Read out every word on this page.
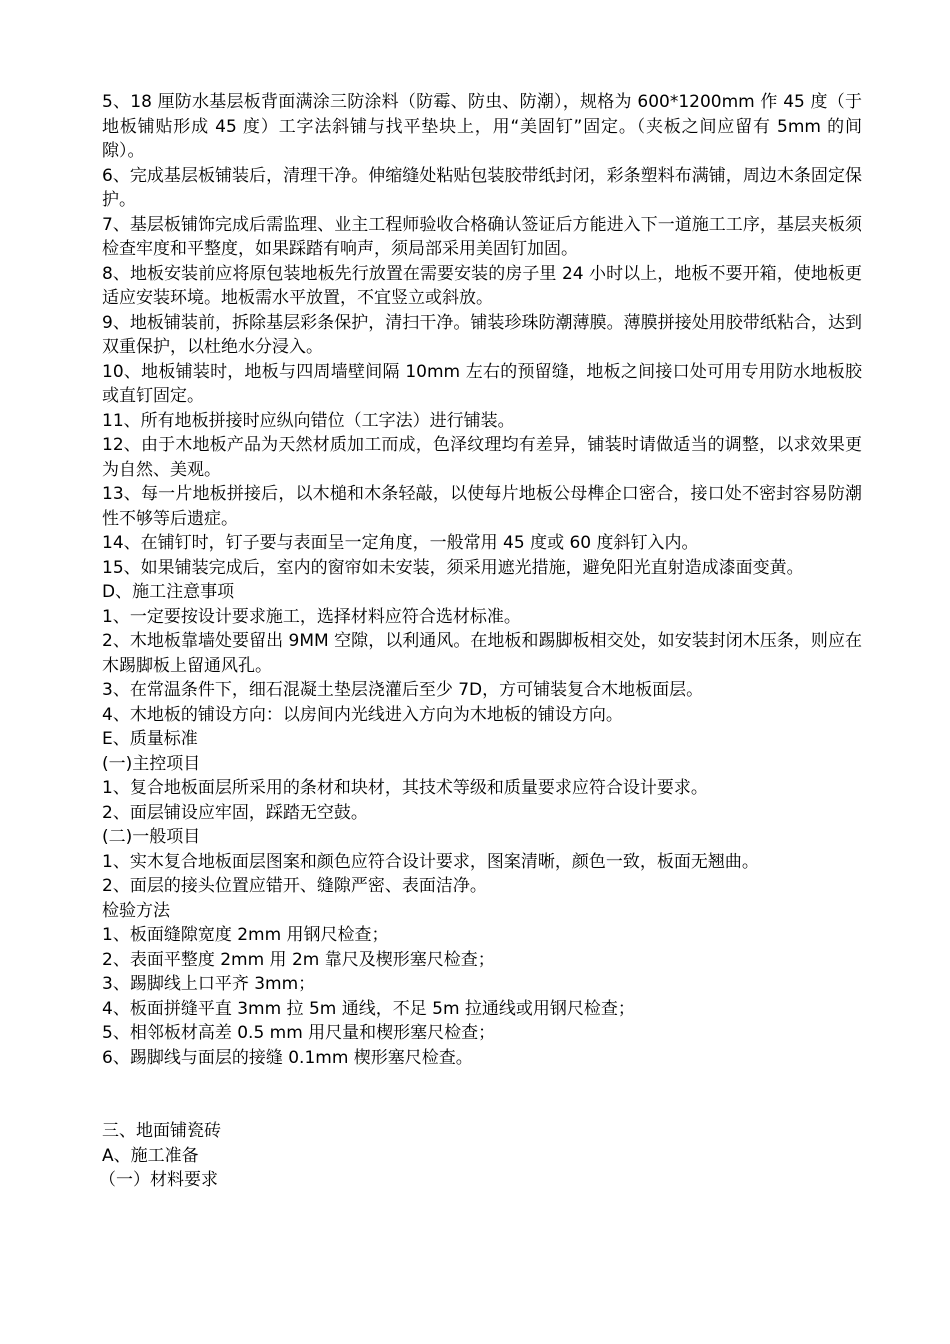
5、18 厘防水基层板背面满涂三防涂料（防霉、防虫、防潮），规格为 600*1200mm 作 45 度（于地板铺贴形成 45 度）工字法斜铺与找平垫块上，用“美固钉”固定。（夹板之间应留有 5mm 的间隙）。

6、完成基层板铺装后，清理干净。伸缩缝处粘贴包装胶带纸封闭，彩条塑料布满铺，周边木条固定保护。

7、基层板铺饰完成后需监理、业主工程师验收合格确认签证后方能进入下一道施工工序，基层夹板须检查牢度和平整度，如果踩踏有响声，须局部采用美固钉加固。

8、地板安装前应将原包装地板先行放置在需要安装的房子里 24 小时以上，地板不要开箱，使地板更适应安装环境。地板需水平放置，不宜竖立或斜放。

9、地板铺装前，拆除基层彩条保护，清扫干净。铺装珍珠防潮薄膜。薄膜拼接处用胶带纸粘合，达到双重保护，以杜绝水分浸入。

10、地板铺装时，地板与四周墙壁间隔 10mm 左右的预留缝，地板之间接口处可用专用防水地板胶或直钉固定。

11、所有地板拼接时应纵向错位（工字法）进行铺装。

12、由于木地板产品为天然材质加工而成，色泽纹理均有差异，铺装时请做适当的调整，以求效果更为自然、美观。

13、每一片地板拼接后，以木槌和木条轻敲，以使每片地板公母榫企口密合，接口处不密封容易防潮性不够等后遗症。

14、在铺钉时，钉子要与表面呈一定角度，一般常用 45 度或 60 度斜钉入内。

15、如果铺装完成后，室内的窗帘如未安装，须采用遮光措施，避免阳光直射造成漆面变黄。

D、施工注意事项

1、一定要按设计要求施工，选择材料应符合选材标准。

2、木地板靠墙处要留出 9MM 空隙，以利通风。在地板和踢脚板相交处，如安装封闭木压条，则应在木踢脚板上留通风孔。

3、在常温条件下，细石混凝土垫层浇灌后至少 7D，方可铺装复合木地板面层。

4、木地板的铺设方向：以房间内光线进入方向为木地板的铺设方向。

E、质量标准

(一)主控项目

1、复合地板面层所采用的条材和块材，其技术等级和质量要求应符合设计要求。

2、面层铺设应牢固，踩踏无空鼓。

(二)一般项目

1、实木复合地板面层图案和颜色应符合设计要求，图案清晰，颜色一致，板面无翘曲。

2、面层的接头位置应错开、缝隙严密、表面洁净。

检验方法

1、板面缝隙宽度 2mm 用钢尺检查；

2、表面平整度 2mm 用 2m 靠尺及楔形塞尺检查；

3、踢脚线上口平齐 3mm；

4、板面拼缝平直 3mm 拉 5m 通线，不足 5m 拉通线或用钢尺检查；

5、相邻板材高差 0.5 mm 用尺量和楔形塞尺检查；

6、踢脚线与面层的接缝 0.1mm 楔形塞尺检查。

三、地面铺瓷砖

A、施工准备

（一）材料要求
